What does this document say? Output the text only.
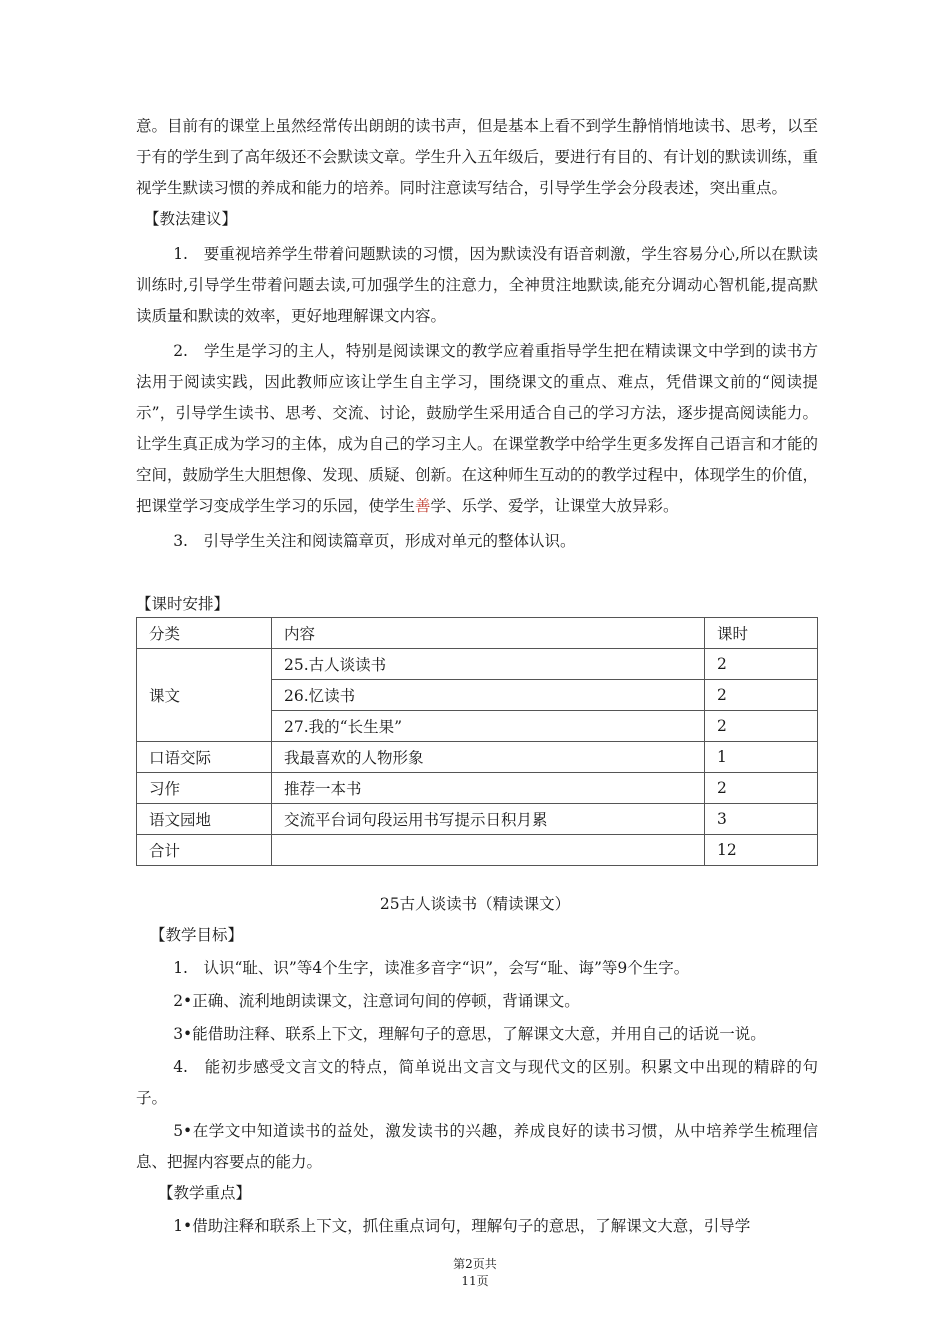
意。目前有的课堂上虽然经常传出朗朗的读书声，但是基本上看不到学生静悄悄地读书、思考，以至于有的学生到了高年级还不会默读文章。学生升入五年级后，要进行有目的、有计划的默读训练，重视学生默读习惯的养成和能力的培养。同时注意读写结合，引导学生学会分段表述，突出重点。

【教法建议】

1.　要重视培养学生带着问题默读的习惯，因为默读没有语音刺激，学生容易分心,所以在默读训练时,引导学生带着问题去读,可加强学生的注意力，全神贯注地默读,能充分调动心智机能,提高默读质量和默读的效率，更好地理解课文内容。

2.　学生是学习的主人，特别是阅读课文的教学应着重指导学生把在精读课文中学到的读书方法用于阅读实践，因此教师应该让学生自主学习，围绕课文的重点、难点，凭借课文前的“阅读提示”，引导学生读书、思考、交流、讨论，鼓励学生采用适合自己的学习方法，逐步提高阅读能力。让学生真正成为学习的主体，成为自己的学习主人。在课堂教学中给学生更多发挥自己语言和才能的空间，鼓励学生大胆想像、发现、质疑、创新。在这种师生互动的的教学过程中，体现学生的价值，把课堂学习变成学生学习的乐园，使学生善学、乐学、爱学，让课堂大放异彩。

3.　引导学生关注和阅读篇章页，形成对单元的整体认识。

【课时安排】

分类	内容	课时
课文	25.古人谈读书	2
	26.忆读书	2
	27.我的“长生果”	2
口语交际	我最喜欢的人物形象	1
习作	推荐一本书	2
语文园地	交流平台词句段运用书写提示日积月累	3
合计		12
25古人谈读书（精读课文）

【教学目标】

1.　认识“耻、识”等4个生字，读准多音字“识”，会写“耻、诲”等9个生字。

2•正确、流利地朗读课文，注意词句间的停顿，背诵课文。

3•能借助注释、联系上下文，理解句子的意思，了解课文大意，并用自己的话说一说。

4.　能初步感受文言文的特点，简单说出文言文与现代文的区别。积累文中出现的精辟的句子。

5•在学文中知道读书的益处，激发读书的兴趣，养成良好的读书习惯，从中培养学生梳理信息、把握内容要点的能力。

【教学重点】

1•借助注释和联系上下文，抓住重点词句，理解句子的意思，了解课文大意，引导学

第2页共
11页
